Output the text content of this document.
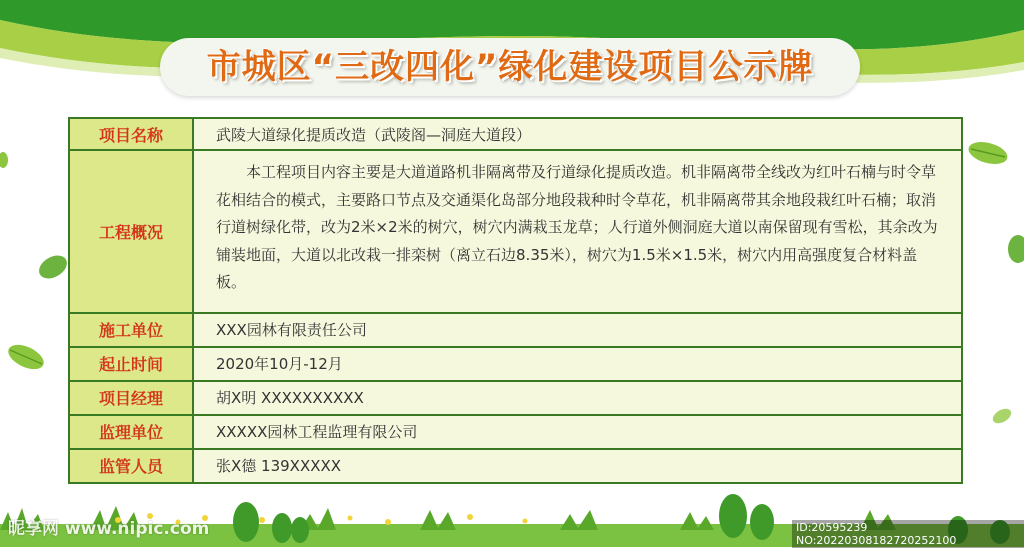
市城区“三改四化”绿化建设项目公示牌
项目名称	武陵大道绿化提质改造（武陵阁—洞庭大道段）
工程概况	本工程项目内容主要是大道道路机非隔离带及行道绿化提质改造。机非隔离带全线改为红叶石楠与时令草花相结合的模式，主要路口节点及交通渠化岛部分地段栽种时令草花，机非隔离带其余地段栽红叶石楠；取消行道树绿化带，改为2米×2米的树穴，树穴内满栽玉龙草；人行道外侧洞庭大道以南保留现有雪松，其余改为铺装地面，大道以北改栽一排栾树（离立石边8.35米），树穴为1.5米×1.5米，树穴内用高强度复合材料盖板。
施工单位	XXX园林有限责任公司
起止时间	2020年10月-12月
项目经理	胡X明 XXXXXXXXXX
监理单位	XXXXX园林工程监理有限公司
监管人员	张X德 139XXXXX
昵享网 www.nipic.com	ID:20595239 NO:20220308182720252100
